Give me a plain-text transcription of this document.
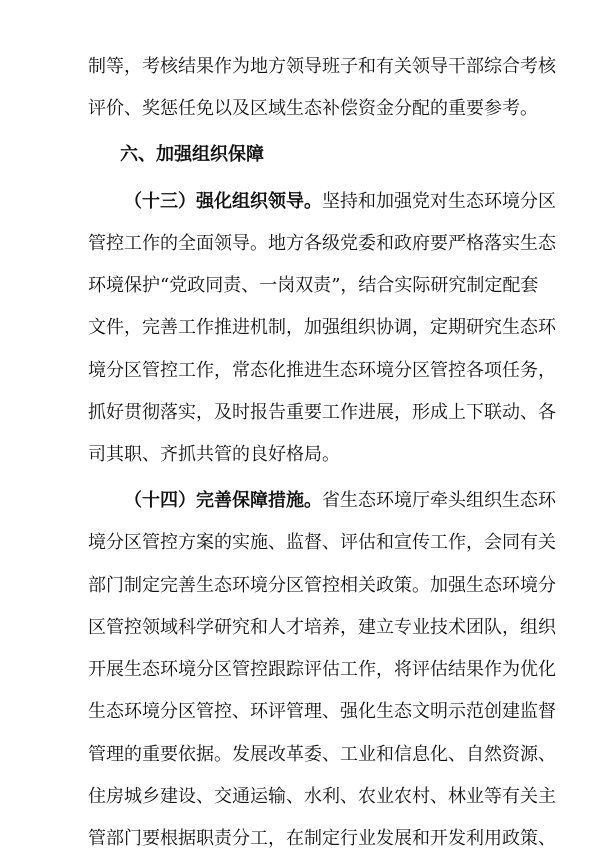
制等，考核结果作为地方领导班子和有关领导干部综合考核
评价、奖惩任免以及区域生态补偿资金分配的重要参考。
六、加强组织保障
（十三）强化组织领导。坚持和加强党对生态环境分区
管控工作的全面领导。地方各级党委和政府要严格落实生态
环境保护“党政同责、一岗双责”，结合实际研究制定配套
文件，完善工作推进机制，加强组织协调，定期研究生态环
境分区管控工作，常态化推进生态环境分区管控各项任务，
抓好贯彻落实，及时报告重要工作进展，形成上下联动、各
司其职、齐抓共管的良好格局。
（十四）完善保障措施。省生态环境厅牵头组织生态环
境分区管控方案的实施、监督、评估和宣传工作，会同有关
部门制定完善生态环境分区管控相关政策。加强生态环境分
区管控领域科学研究和人才培养，建立专业技术团队，组织
开展生态环境分区管控跟踪评估工作，将评估结果作为优化
生态环境分区管控、环评管理、强化生态文明示范创建监督
管理的重要依据。发展改革委、工业和信息化、自然资源、
住房城乡建设、交通运输、水利、农业农村、林业等有关主
管部门要根据职责分工，在制定行业发展和开发利用政策、
